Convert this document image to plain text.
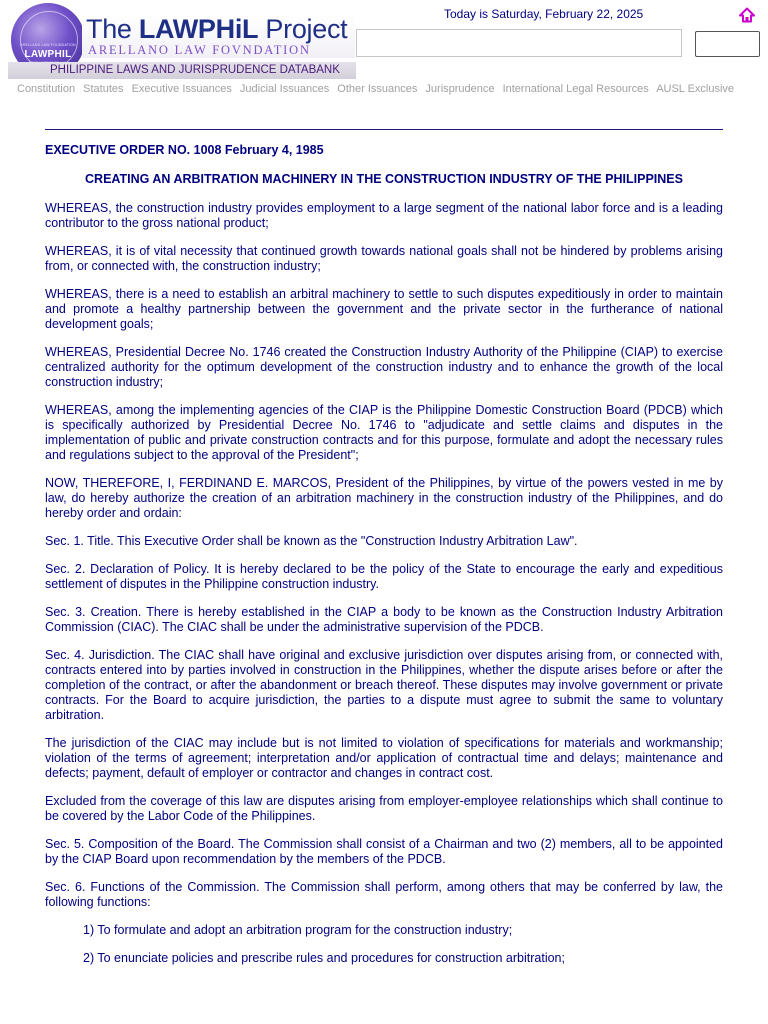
ARELLANO LAW FOUNDATION
LAWPHIL
The LAWPHiL Project
ARELLANO LAW FOVNDATION
PHILIPPINE LAWS AND JURISPRUDENCE DATABANK
Today is Saturday, February 22, 2025
Constitution Statutes Executive Issuances Judicial Issuances Other Issuances Jurisprudence International Legal Resources AUSL Exclusive

EXECUTIVE ORDER NO. 1008 February 4, 1985

CREATING AN ARBITRATION MACHINERY IN THE CONSTRUCTION INDUSTRY OF THE PHILIPPINES

WHEREAS, the construction industry provides employment to a large segment of the national labor force and is a leading contributor to the gross national product;

WHEREAS, it is of vital necessity that continued growth towards national goals shall not be hindered by problems arising from, or connected with, the construction industry;

WHEREAS, there is a need to establish an arbitral machinery to settle to such disputes expeditiously in order to maintain and promote a healthy partnership between the government and the private sector in the furtherance of national development goals;

WHEREAS, Presidential Decree No. 1746 created the Construction Industry Authority of the Philippine (CIAP) to exercise centralized authority for the optimum development of the construction industry and to enhance the growth of the local construction industry;

WHEREAS, among the implementing agencies of the CIAP is the Philippine Domestic Construction Board (PDCB) which is specifically authorized by Presidential Decree No. 1746 to "adjudicate and settle claims and disputes in the implementation of public and private construction contracts and for this purpose, formulate and adopt the necessary rules and regulations subject to the approval of the President";

NOW, THEREFORE, I, FERDINAND E. MARCOS, President of the Philippines, by virtue of the powers vested in me by law, do hereby authorize the creation of an arbitration machinery in the construction industry of the Philippines, and do hereby order and ordain:

Sec. 1. Title. This Executive Order shall be known as the "Construction Industry Arbitration Law".

Sec. 2. Declaration of Policy. It is hereby declared to be the policy of the State to encourage the early and expeditious settlement of disputes in the Philippine construction industry.

Sec. 3. Creation. There is hereby established in the CIAP a body to be known as the Construction Industry Arbitration Commission (CIAC). The CIAC shall be under the administrative supervision of the PDCB.

Sec. 4. Jurisdiction. The CIAC shall have original and exclusive jurisdiction over disputes arising from, or connected with, contracts entered into by parties involved in construction in the Philippines, whether the dispute arises before or after the completion of the contract, or after the abandonment or breach thereof. These disputes may involve government or private contracts. For the Board to acquire jurisdiction, the parties to a dispute must agree to submit the same to voluntary arbitration.

The jurisdiction of the CIAC may include but is not limited to violation of specifications for materials and workmanship; violation of the terms of agreement; interpretation and/or application of contractual time and delays; maintenance and defects; payment, default of employer or contractor and changes in contract cost.

Excluded from the coverage of this law are disputes arising from employer-employee relationships which shall continue to be covered by the Labor Code of the Philippines.

Sec. 5. Composition of the Board. The Commission shall consist of a Chairman and two (2) members, all to be appointed by the CIAP Board upon recommendation by the members of the PDCB.

Sec. 6. Functions of the Commission. The Commission shall perform, among others that may be conferred by law, the following functions:

1) To formulate and adopt an arbitration program for the construction industry;

2) To enunciate policies and prescribe rules and procedures for construction arbitration;
